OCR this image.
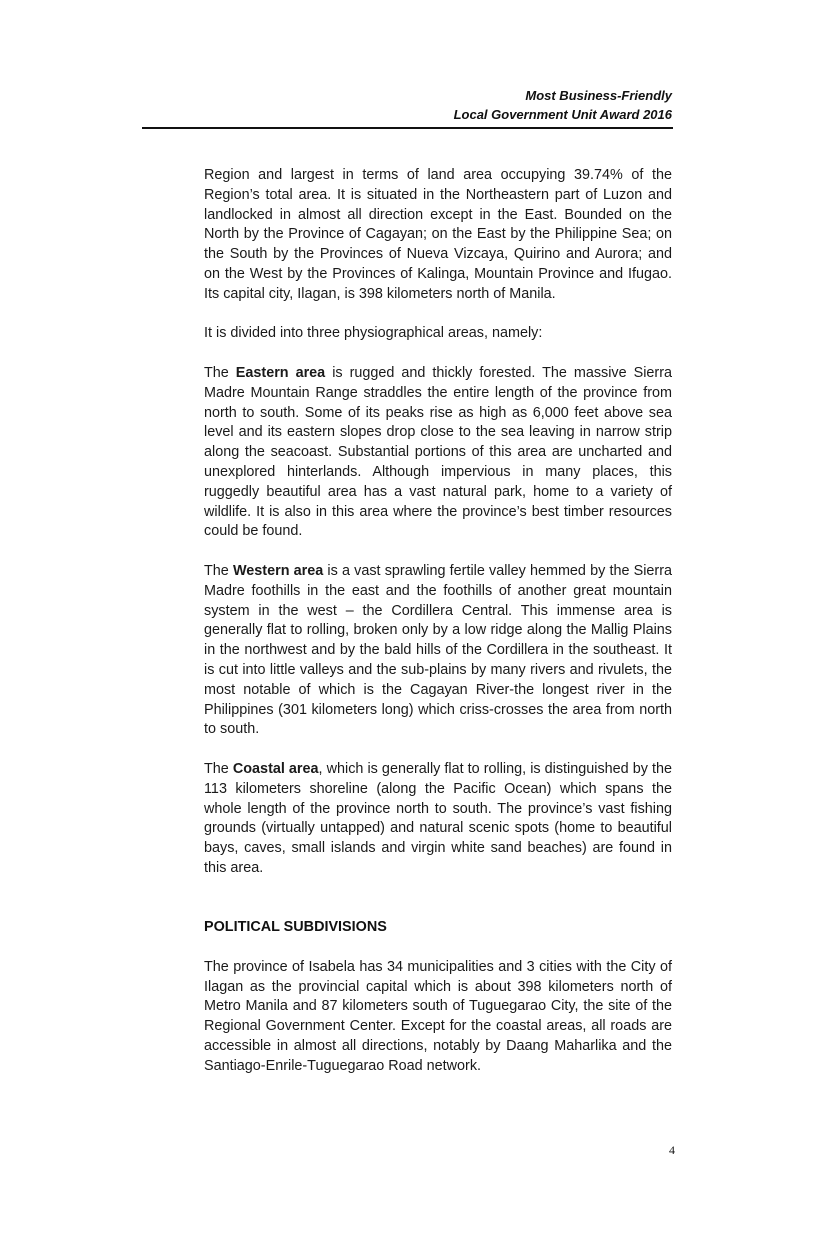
Most Business-Friendly
Local Government Unit Award 2016

Region and largest in terms of land area occupying 39.74% of the Region’s total area. It is situated in the Northeastern part of Luzon and landlocked in almost all direction except in the East. Bounded on the North by the Province of Cagayan; on the East by the Philippine Sea; on the South by the Provinces of Nueva Vizcaya, Quirino and Aurora; and on the West by the Provinces of Kalinga, Mountain Province and Ifugao. Its capital city, Ilagan, is 398 kilometers north of Manila.

It is divided into three physiographical areas, namely:

The Eastern area is rugged and thickly forested. The massive Sierra Madre Mountain Range straddles the entire length of the province from north to south. Some of its peaks rise as high as 6,000 feet above sea level and its eastern slopes drop close to the sea leaving in narrow strip along the seacoast. Substantial portions of this area are uncharted and unexplored hinterlands. Although impervious in many places, this ruggedly beautiful area has a vast natural park, home to a variety of wildlife. It is also in this area where the province’s best timber resources could be found.

The Western area is a vast sprawling fertile valley hemmed by the Sierra Madre foothills in the east and the foothills of another great mountain system in the west – the Cordillera Central. This immense area is generally flat to rolling, broken only by a low ridge along the Mallig Plains in the northwest and by the bald hills of the Cordillera in the southeast. It is cut into little valleys and the sub-plains by many rivers and rivulets, the most notable of which is the Cagayan River-the longest river in the Philippines (301 kilometers long) which criss-crosses the area from north to south.

The Coastal area, which is generally flat to rolling, is distinguished by the 113 kilometers shoreline (along the Pacific Ocean) which spans the whole length of the province north to south. The province’s vast fishing grounds (virtually untapped) and natural scenic spots (home to beautiful bays, caves, small islands and virgin white sand beaches) are found in this area.

POLITICAL SUBDIVISIONS

The province of Isabela has 34 municipalities and 3 cities with the City of Ilagan as the provincial capital which is about 398 kilometers north of Metro Manila and 87 kilometers south of Tuguegarao City, the site of the Regional Government Center. Except for the coastal areas, all roads are accessible in almost all directions, notably by Daang Maharlika and the Santiago-Enrile-Tuguegarao Road network.

4
